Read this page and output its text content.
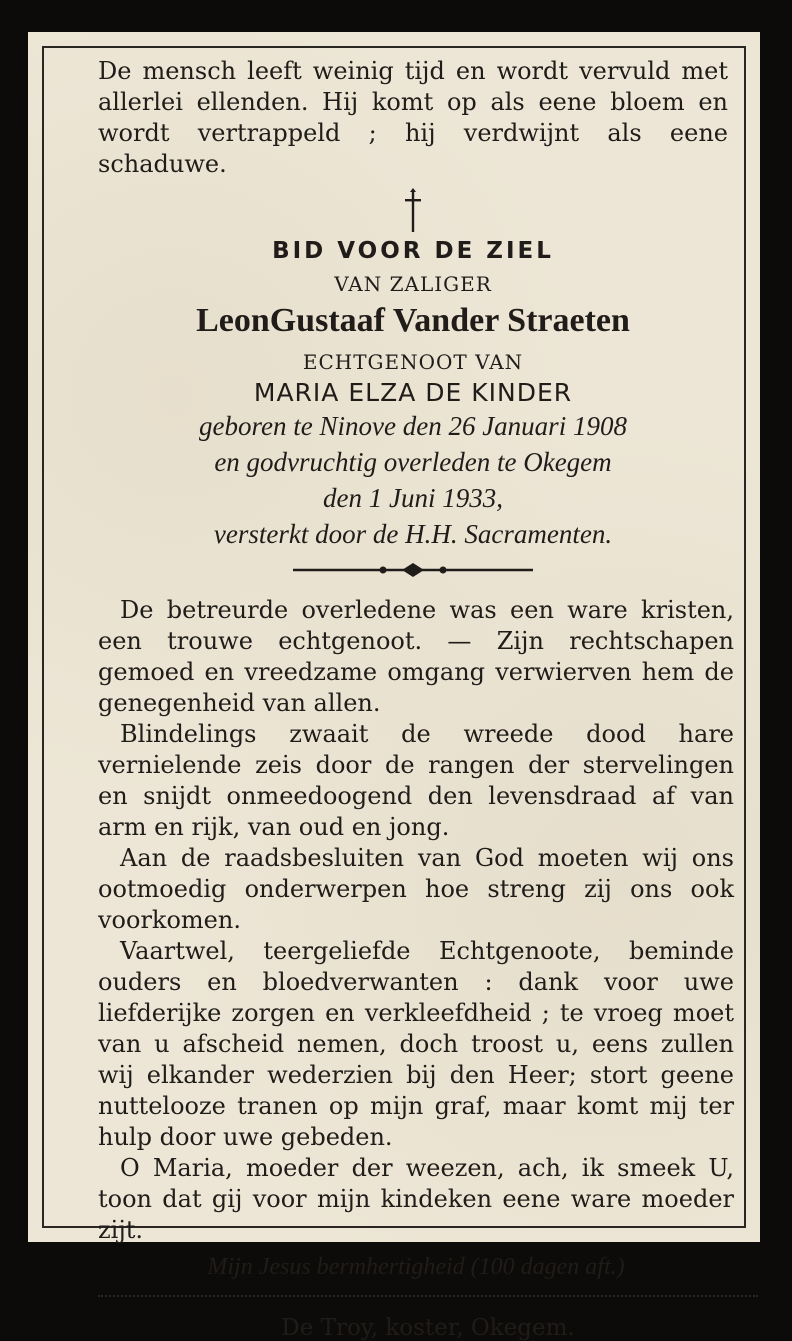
De mensch leeft weinig tijd en wordt vervuld met allerlei ellenden. Hij komt op als eene bloem en wordt vertrappeld ; hij verdwijnt als eene schaduwe.

BID VOOR DE ZIEL
VAN ZALIGER
LeonGustaaf Vander Straeten
ECHTGENOOT VAN
MARIA ELZA DE KINDER
geboren te Ninove den 26 Januari 1908
en godvruchtig overleden te Okegem
den 1 Juni 1933,
versterkt door de H.H. Sacramenten.

De betreurde overledene was een ware kristen, een trouwe echtgenoot. — Zijn rechtschapen gemoed en vreedzame omgang verwierven hem de genegenheid van allen.

Blindelings zwaait de wreede dood hare vernielende zeis door de rangen der stervelingen en snijdt onmeedoogend den levensdraad af van arm en rijk, van oud en jong.

Aan de raadsbesluiten van God moeten wij ons ootmoedig onderwerpen hoe streng zij ons ook voorkomen.

Vaartwel, teergeliefde Echtgenoote, beminde ouders en bloedverwanten : dank voor uwe liefderijke zorgen en verkleefdheid ; te vroeg moet van u afscheid nemen, doch troost u, eens zullen wij elkander wederzien bij den Heer; stort geene nuttelooze tranen op mijn graf, maar komt mij ter hulp door uwe gebeden.

O Maria, moeder der weezen, ach, ik smeek U, toon dat gij voor mijn kindeken eene ware moeder zijt.

Mijn Jesus bermhertigheid (100 dagen aft.)
De Troy, koster, Okegem.
